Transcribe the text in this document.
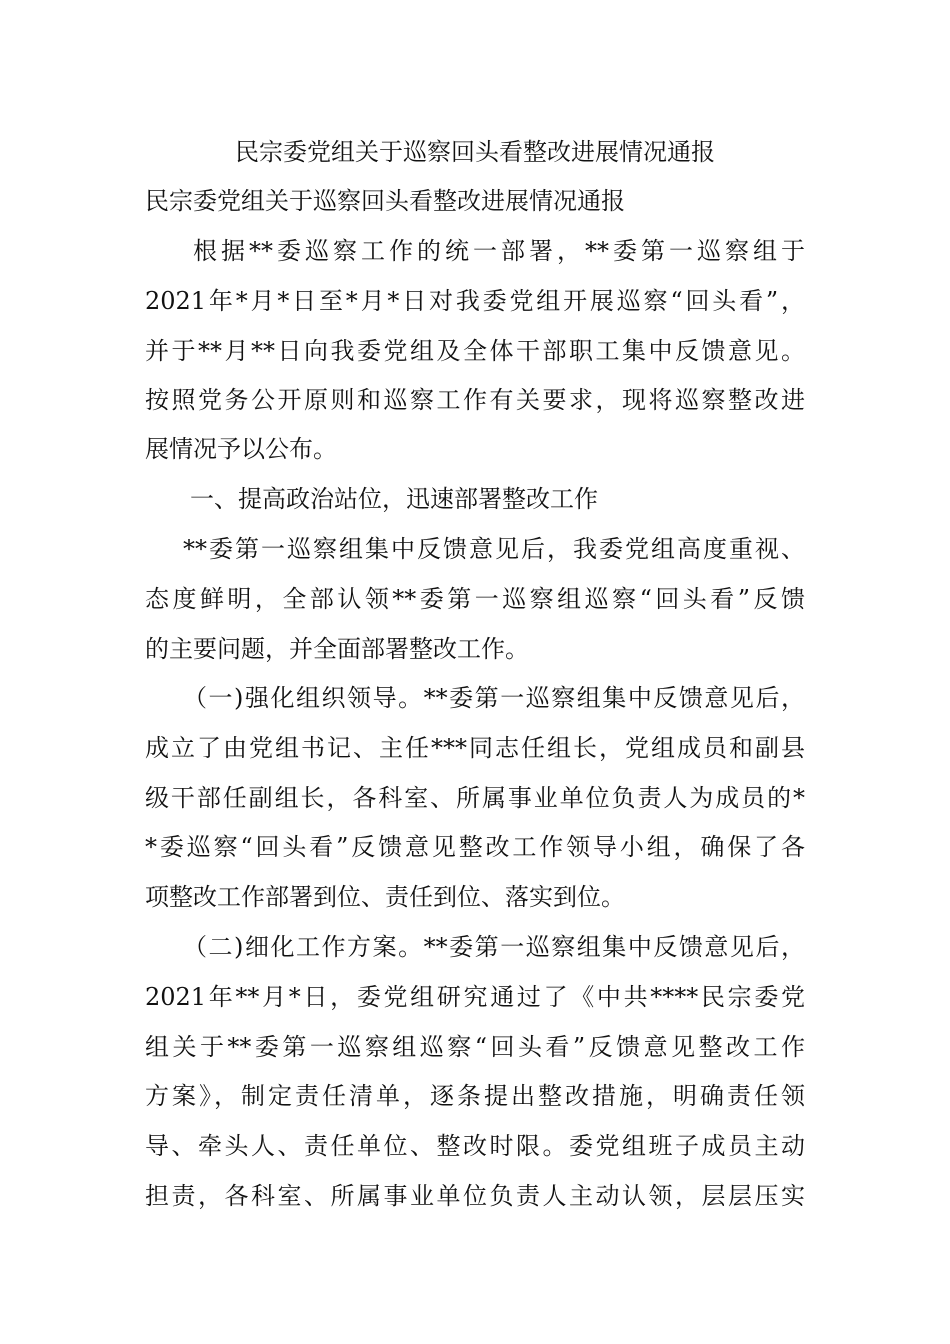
民宗委党组关于巡察回头看整改进展情况通报
民宗委党组关于巡察回头看整改进展情况通报
根据**委巡察工作的统一部署，**委第一巡察组于
2021年*月*日至*月*日对我委党组开展巡察“回头看”，
并于**月**日向我委党组及全体干部职工集中反馈意见。
按照党务公开原则和巡察工作有关要求，现将巡察整改进
展情况予以公布。
一、提高政治站位，迅速部署整改工作
**委第一巡察组集中反馈意见后，我委党组高度重视、
态度鲜明，全部认领**委第一巡察组巡察“回头看”反馈
的主要问题，并全面部署整改工作。
（一)强化组织领导。**委第一巡察组集中反馈意见后，
成立了由党组书记、主任***同志任组长，党组成员和副县
级干部任副组长，各科室、所属事业单位负责人为成员的*
*委巡察“回头看”反馈意见整改工作领导小组，确保了各
项整改工作部署到位、责任到位、落实到位。
（二)细化工作方案。**委第一巡察组集中反馈意见后，
2021年**月*日，委党组研究通过了《中共****民宗委党
组关于**委第一巡察组巡察“回头看”反馈意见整改工作
方案》，制定责任清单，逐条提出整改措施，明确责任领
导、牵头人、责任单位、整改时限。委党组班子成员主动
担责，各科室、所属事业单位负责人主动认领，层层压实
